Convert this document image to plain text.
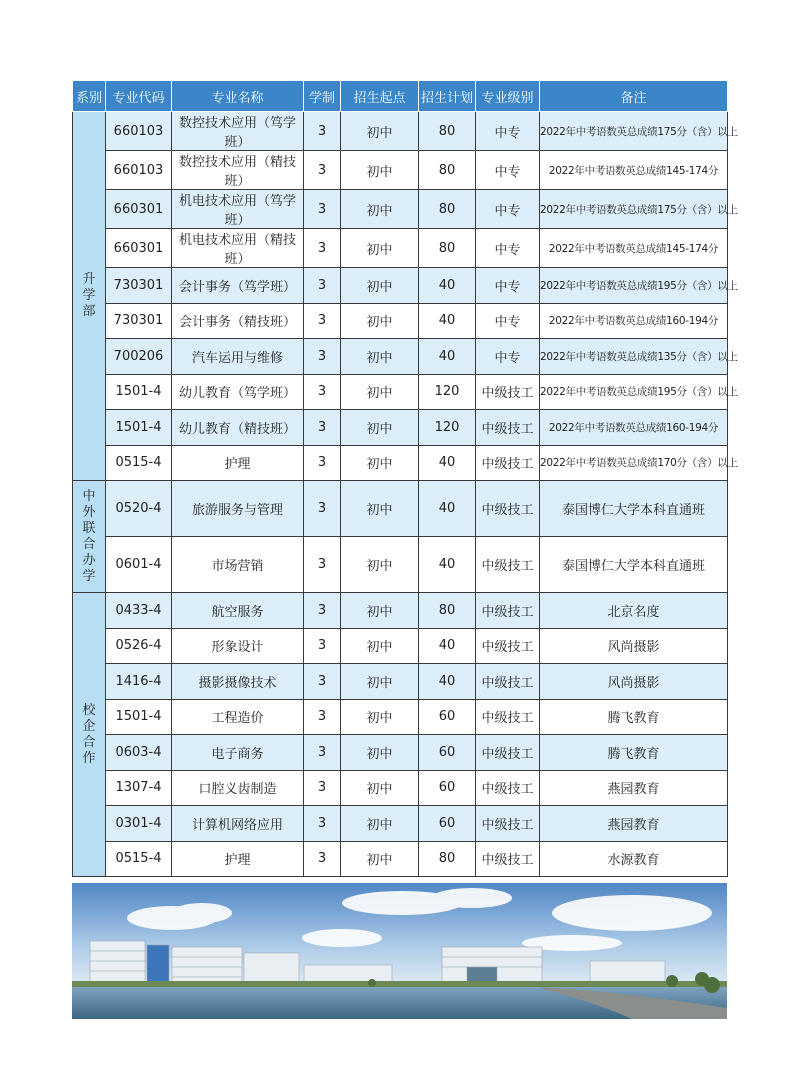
系别	专业代码	专业名称	学制	招生起点	招生计划	专业级别	备注
升学部	660103	数控技术应用（笃学班）	3	初中	80	中专	2022年中考语数英总成绩175分（含）以上
	660103	数控技术应用（精技班）	3	初中	80	中专	2022年中考语数英总成绩145-174分
	660301	机电技术应用（笃学班）	3	初中	80	中专	2022年中考语数英总成绩175分（含）以上
	660301	机电技术应用（精技班）	3	初中	80	中专	2022年中考语数英总成绩145-174分
	730301	会计事务（笃学班）	3	初中	40	中专	2022年中考语数英总成绩195分（含）以上
	730301	会计事务（精技班）	3	初中	40	中专	2022年中考语数英总成绩160-194分
	700206	汽车运用与维修	3	初中	40	中专	2022年中考语数英总成绩135分（含）以上
	1501-4	幼儿教育（笃学班）	3	初中	120	中级技工	2022年中考语数英总成绩195分（含）以上
	1501-4	幼儿教育（精技班）	3	初中	120	中级技工	2022年中考语数英总成绩160-194分
	0515-4	护理	3	初中	40	中级技工	2022年中考语数英总成绩170分（含）以上
中外联合办学	0520-4	旅游服务与管理	3	初中	40	中级技工	泰国博仁大学本科直通班
	0601-4	市场营销	3	初中	40	中级技工	泰国博仁大学本科直通班
校企合作	0433-4	航空服务	3	初中	80	中级技工	北京名度
	0526-4	形象设计	3	初中	40	中级技工	风尚摄影
	1416-4	摄影摄像技术	3	初中	40	中级技工	风尚摄影
	1501-4	工程造价	3	初中	60	中级技工	腾飞教育
	0603-4	电子商务	3	初中	60	中级技工	腾飞教育
	1307-4	口腔义齿制造	3	初中	60	中级技工	燕园教育
	0301-4	计算机网络应用	3	初中	60	中级技工	燕园教育
	0515-4	护理	3	初中	80	中级技工	水源教育
